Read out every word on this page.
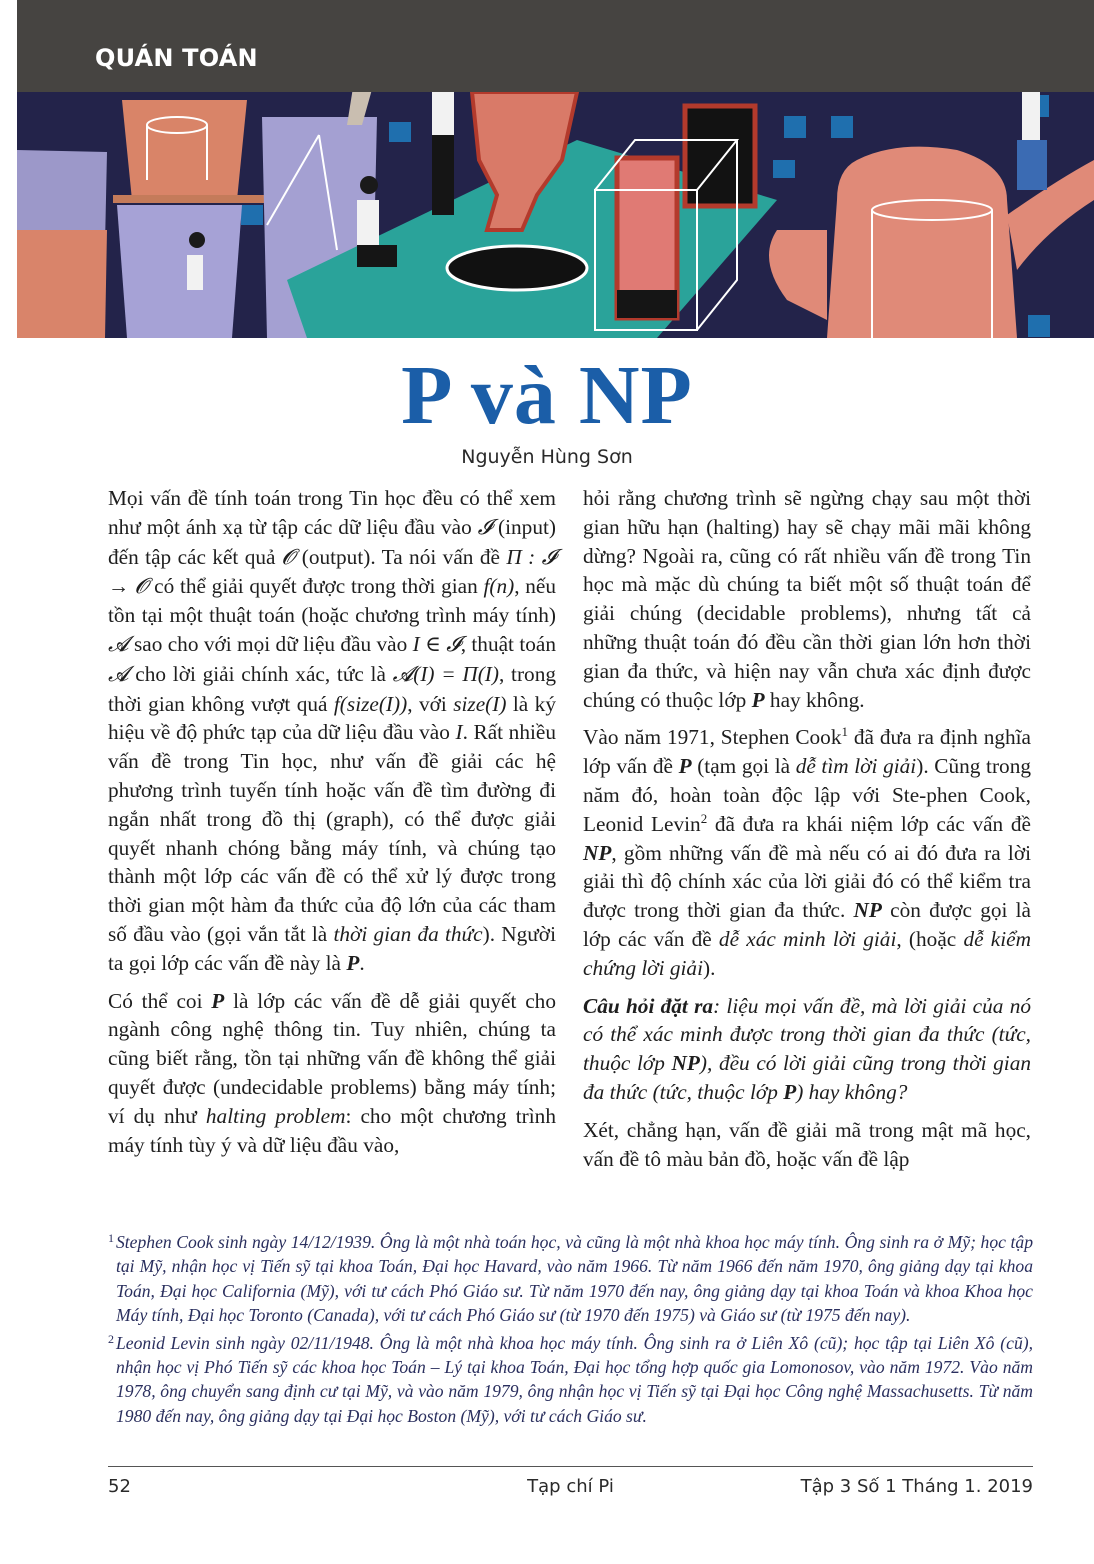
QUÁN TOÁN
P và NP
Nguyễn Hùng Sơn

Mọi vấn đề tính toán trong Tin học đều có thể xem như một ánh xạ từ tập các dữ liệu đầu vào 𝓘 (input) đến tập các kết quả 𝓞 (output). Ta nói vấn đề Π : 𝓘 → 𝓞 có thể giải quyết được trong thời gian f(n), nếu tồn tại một thuật toán (hoặc chương trình máy tính) 𝓐 sao cho với mọi dữ liệu đầu vào I ∈ 𝓘, thuật toán 𝓐 cho lời giải chính xác, tức là 𝓐(I) = Π(I), trong thời gian không vượt quá f(size(I)), với size(I) là ký hiệu về độ phức tạp của dữ liệu đầu vào I. Rất nhiều vấn đề trong Tin học, như vấn đề giải các hệ phương trình tuyến tính hoặc vấn đề tìm đường đi ngắn nhất trong đồ thị (graph), có thể được giải quyết nhanh chóng bằng máy tính, và chúng tạo thành một lớp các vấn đề có thể xử lý được trong thời gian một hàm đa thức của độ lớn của các tham số đầu vào (gọi vắn tắt là thời gian đa thức). Người ta gọi lớp các vấn đề này là P.

Có thể coi P là lớp các vấn đề dễ giải quyết cho ngành công nghệ thông tin. Tuy nhiên, chúng ta cũng biết rằng, tồn tại những vấn đề không thể giải quyết được (undecidable problems) bằng máy tính; ví dụ như halting problem: cho một chương trình máy tính tùy ý và dữ liệu đầu vào,

hỏi rằng chương trình sẽ ngừng chạy sau một thời gian hữu hạn (halting) hay sẽ chạy mãi mãi không dừng? Ngoài ra, cũng có rất nhiều vấn đề trong Tin học mà mặc dù chúng ta biết một số thuật toán để giải chúng (decidable problems), nhưng tất cả những thuật toán đó đều cần thời gian lớn hơn thời gian đa thức, và hiện nay vẫn chưa xác định được chúng có thuộc lớp P hay không.

Vào năm 1971, Stephen Cook$^1$ đã đưa ra định nghĩa lớp vấn đề P (tạm gọi là dễ tìm lời giải). Cũng trong năm đó, hoàn toàn độc lập với Ste-phen Cook, Leonid Levin$^2$ đã đưa ra khái niệm lớp các vấn đề NP, gồm những vấn đề mà nếu có ai đó đưa ra lời giải thì độ chính xác của lời giải đó có thể kiểm tra được trong thời gian đa thức. NP còn được gọi là lớp các vấn đề dễ xác minh lời giải, (hoặc dễ kiểm chứng lời giải).

Câu hỏi đặt ra: liệu mọi vấn đề, mà lời giải của nó có thể xác minh được trong thời gian đa thức (tức, thuộc lớp NP), đều có lời giải cũng trong thời gian đa thức (tức, thuộc lớp P) hay không?

Xét, chẳng hạn, vấn đề giải mã trong mật mã học, vấn đề tô màu bản đồ, hoặc vấn đề lập

1 Stephen Cook sinh ngày 14/12/1939. Ông là một nhà toán học, và cũng là một nhà khoa học máy tính. Ông sinh ra ở Mỹ; học tập tại Mỹ, nhận học vị Tiến sỹ tại khoa Toán, Đại học Havard, vào năm 1966. Từ năm 1966 đến năm 1970, ông giảng dạy tại khoa Toán, Đại học California (Mỹ), với tư cách Phó Giáo sư. Từ năm 1970 đến nay, ông giảng dạy tại khoa Toán và khoa Khoa học Máy tính, Đại học Toronto (Canada), với tư cách Phó Giáo sư (từ 1970 đến 1975) và Giáo sư (từ 1975 đến nay).
2 Leonid Levin sinh ngày 02/11/1948. Ông là một nhà khoa học máy tính. Ông sinh ra ở Liên Xô (cũ); học tập tại Liên Xô (cũ), nhận học vị Phó Tiến sỹ các khoa học Toán – Lý tại khoa Toán, Đại học tổng hợp quốc gia Lomonosov, vào năm 1972. Vào năm 1978, ông chuyển sang định cư tại Mỹ, và vào năm 1979, ông nhận học vị Tiến sỹ tại Đại học Công nghệ Massachusetts. Từ năm 1980 đến nay, ông giảng dạy tại Đại học Boston (Mỹ), với tư cách Giáo sư.
Tạp chí Pi
52	Tập 3 Số 1 Tháng 1. 2019
